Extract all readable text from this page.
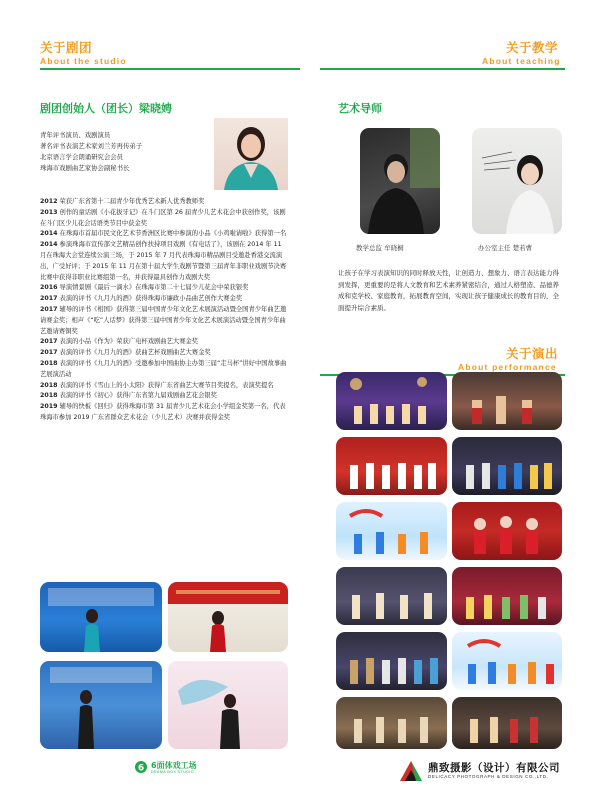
关于剧团
About the studio
剧团创始人（团长）梁晓娉
青年评书演员、戏剧演员
著名评书表演艺术家刘兰芳再传弟子
北京语言学会朗诵研究会会员
珠海市戏剧曲艺家协会副秘书长
2012 荣获广东省第十二届青少年优秀艺术新人优秀教师奖
2013 创作的童话剧《小花拔牙记》在斗门区第 26 届青少儿艺术花会中获创作奖，该剧在斗门区少儿花会话语类节目中获金奖
2014 在珠海市首届市民文化艺术节香洲区比赛中参演的小品《小鸡啦请啦》获得第一名
2014 参演珠海市宣传部文艺精品创作扶持项目戏剧《有电话了》，该剧在 2014 年 11 月在珠海大会堂连续公演三场，于 2015 年 7 月代表珠海市精品剧目受邀赴香港交流演出，广受好评；于 2015 年 11 月在第十届大学生戏剧节暨第三届青年非职业戏剧节决赛比赛中获得非职业比赛组第一名，并获得最具创作力戏剧大奖
2016 导演情景剧《最后一滴水》在珠海市第二十七届少儿花会中荣获银奖
2017 表演的评书《九月九的酒》获得珠海市廉政小品曲艺创作大赛金奖
2017 辅导的评书《相国》获得第三届中国青少年文化艺术展演活动暨全国青少年曲艺邀请赛金奖；相声《“吃”人话梦》获得第三届中国青少年文化艺术展演活动暨全国青少年曲艺邀请赛铜奖
2017 表演的小品《作为》荣获广电杯戏剧曲艺大赛金奖
2017 表演的评书《九月九的酒》获曲艺杯戏剧曲艺大赛金奖
2018 表演的评书《九月九的酒》受邀参加中国曲协主办第三届“走马杯”讲好中国故事曲艺展演活动
2018 表演的评书《雪山上的小太阳》获得广东省曲艺大赛节目奖提名，表演奖提名
2018 表演的评书《初心》获得广东省第九届戏剧曲艺花会银奖
2019 辅导的快板《回归》获得珠海市第 31 届青少儿艺术花会小学组金奖第一名，代表珠海市参加 2019 广东省群众艺术花会（少儿艺术）决赛并获得金奖
关于教学
About teaching
艺术导师
教学总监 牟晓桐	办公室主任 楚若曹
让孩子在学习表演知识的同时释放天性，让创造力、想象力、语言表达能力得到发挥，更重要的是将人文教育和艺术素养紧密结合，通过人格塑造、品德养成和克学校、家庭教育，拓展教育空间，实现让孩子健康成长的教育目的，全面提升综合素质。
关于演出
About performance
6 6面体戏工场
DRAMA BOX STUDIO	鼎致摄影（设计）有限公司
DELICACY PHOTOGRAPH & DESIGN CO.,LTD.
